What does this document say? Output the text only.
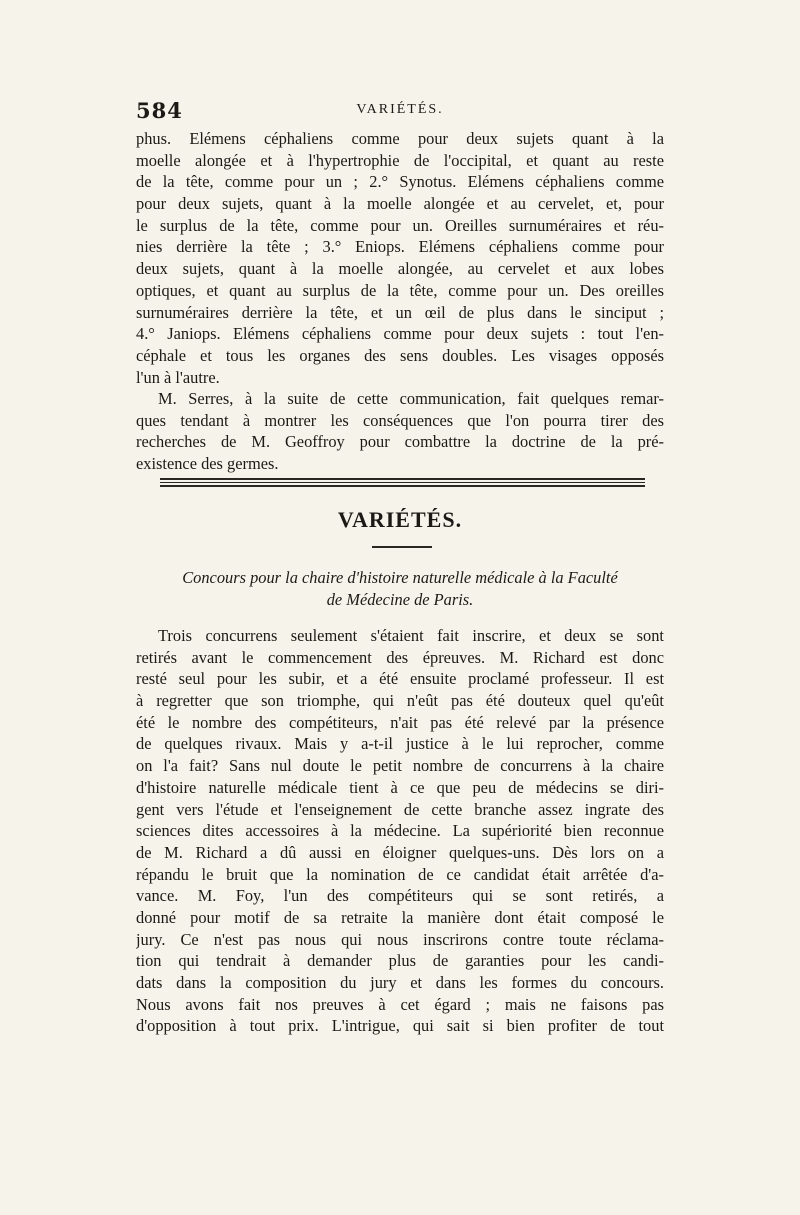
584	VARIÉTÉS.
phus. Elémens céphaliens comme pour deux sujets quant à la
moelle alongée et à l'hypertrophie de l'occipital, et quant au reste
de la tête, comme pour un ; 2.° Synotus. Elémens céphaliens comme
pour deux sujets, quant à la moelle alongée et au cervelet, et, pour
le surplus de la tête, comme pour un. Oreilles surnuméraires et réu-
nies derrière la tête ; 3.° Eniops. Elémens céphaliens comme pour
deux sujets, quant à la moelle alongée, au cervelet et aux lobes
optiques, et quant au surplus de la tête, comme pour un. Des oreilles
surnuméraires derrière la tête, et un œil de plus dans le sinciput ;
4.° Janiops. Elémens céphaliens comme pour deux sujets : tout l'en-
céphale et tous les organes des sens doubles. Les visages opposés
l'un à l'autre.
M. Serres, à la suite de cette communication, fait quelques remar-
ques tendant à montrer les conséquences que l'on pourra tirer des
recherches de M. Geoffroy pour combattre la doctrine de la pré-
existence des germes.
VARIÉTÉS.
Concours pour la chaire d'histoire naturelle médicale à la Faculté
de Médecine de Paris.
Trois concurrens seulement s'étaient fait inscrire, et deux se sont
retirés avant le commencement des épreuves. M. Richard est donc
resté seul pour les subir, et a été ensuite proclamé professeur. Il est
à regretter que son triomphe, qui n'eût pas été douteux quel qu'eût
été le nombre des compétiteurs, n'ait pas été relevé par la présence
de quelques rivaux. Mais y a-t-il justice à le lui reprocher, comme
on l'a fait? Sans nul doute le petit nombre de concurrens à la chaire
d'histoire naturelle médicale tient à ce que peu de médecins se diri-
gent vers l'étude et l'enseignement de cette branche assez ingrate des
sciences dites accessoires à la médecine. La supériorité bien reconnue
de M. Richard a dû aussi en éloigner quelques-uns. Dès lors on a
répandu le bruit que la nomination de ce candidat était arrêtée d'a-
vance. M. Foy, l'un des compétiteurs qui se sont retirés, a
donné pour motif de sa retraite la manière dont était composé le
jury. Ce n'est pas nous qui nous inscrirons contre toute réclama-
tion qui tendrait à demander plus de garanties pour les candi-
dats dans la composition du jury et dans les formes du concours.
Nous avons fait nos preuves à cet égard ; mais ne faisons pas
d'opposition à tout prix. L'intrigue, qui sait si bien profiter de tout
